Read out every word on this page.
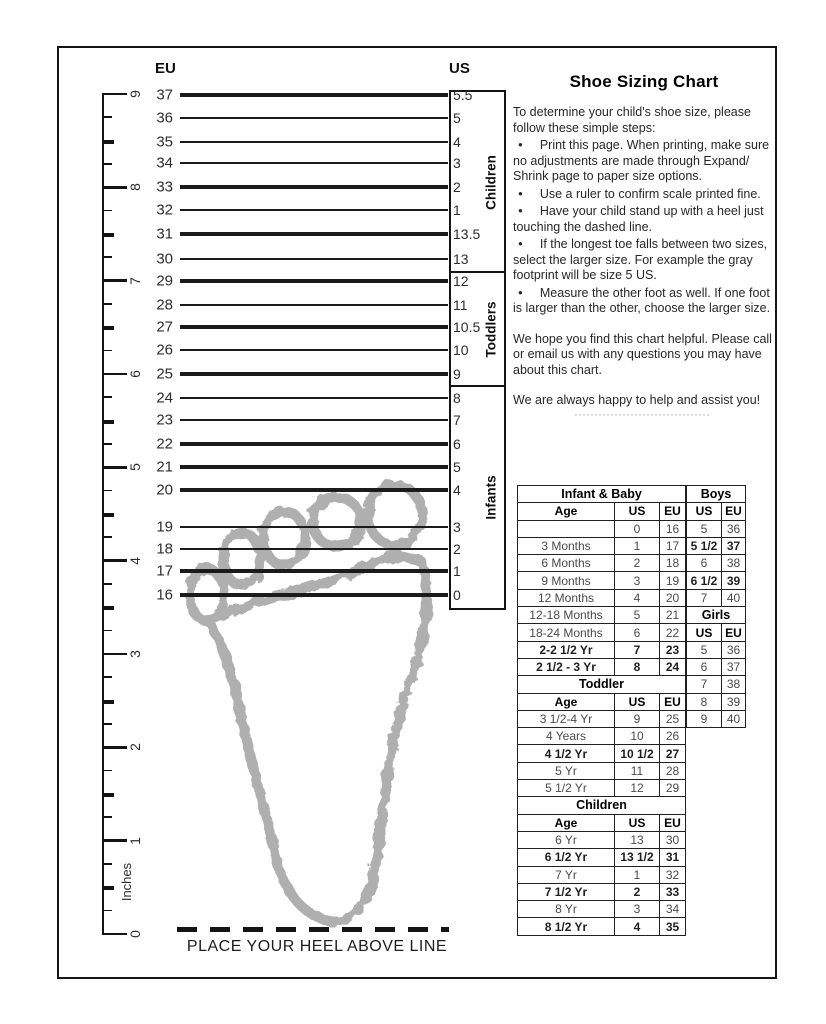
EU	US
Inches
9
8
7
6
5
4
3
2
1
0
37	5.5
36	5
35	4
34	3
33	2
32	1
31	13.5
30	13
29	12
28	11
27	10.5
26	10
25	9
24	8
23	7
22	6
21	5
20	4
19	3
18	2
17	1
16	0
Children
Toddlers
Infants
PLACE YOUR HEEL ABOVE LINE
Shoe Sizing Chart
To determine your child's shoe size, please follow these simple steps:
● Print this page. When printing, make sure no adjustments are made through Expand/ Shrink page to paper size options.
● Use a ruler to confirm scale printed fine.
● Have your child stand up with a heel just touching the dashed line.
● If the longest toe falls between two sizes, select the larger size. For example the gray footprint will be size 5 US.
● Measure the other foot as well. If one foot is larger than the other, choose the larger size.
We hope you find this chart helpful. Please call or email us with any questions you may have about this chart.
We are always happy to help and assist you!
Infant & Baby		
Age	US	EU
	0	16
3 Months	1	17
6 Months	2	18
9 Months	3	19
12 Months	4	20
12-18 Months	5	21
18-24 Months	6	22
2-2 1/2 Yr	7	23
2 1/2 - 3 Yr	8	24
Toddler		
Age	US	EU
3 1/2-4 Yr	9	25
4 Years	10	26
4 1/2 Yr	10 1/2	27
5 Yr	11	28
5 1/2 Yr	12	29
Children		
Age	US	EU
6 Yr	13	30
6 1/2 Yr	13 1/2	31
7 Yr	1	32
7 1/2 Yr	2	33
8 Yr	3	34
8 1/2 Yr	4	35
Boys	
US	EU
5	36
5 1/2	37
6	38
6 1/2	39
7	40
Girls	
US	EU
5	36
6	37
7	38
8	39
9	40
